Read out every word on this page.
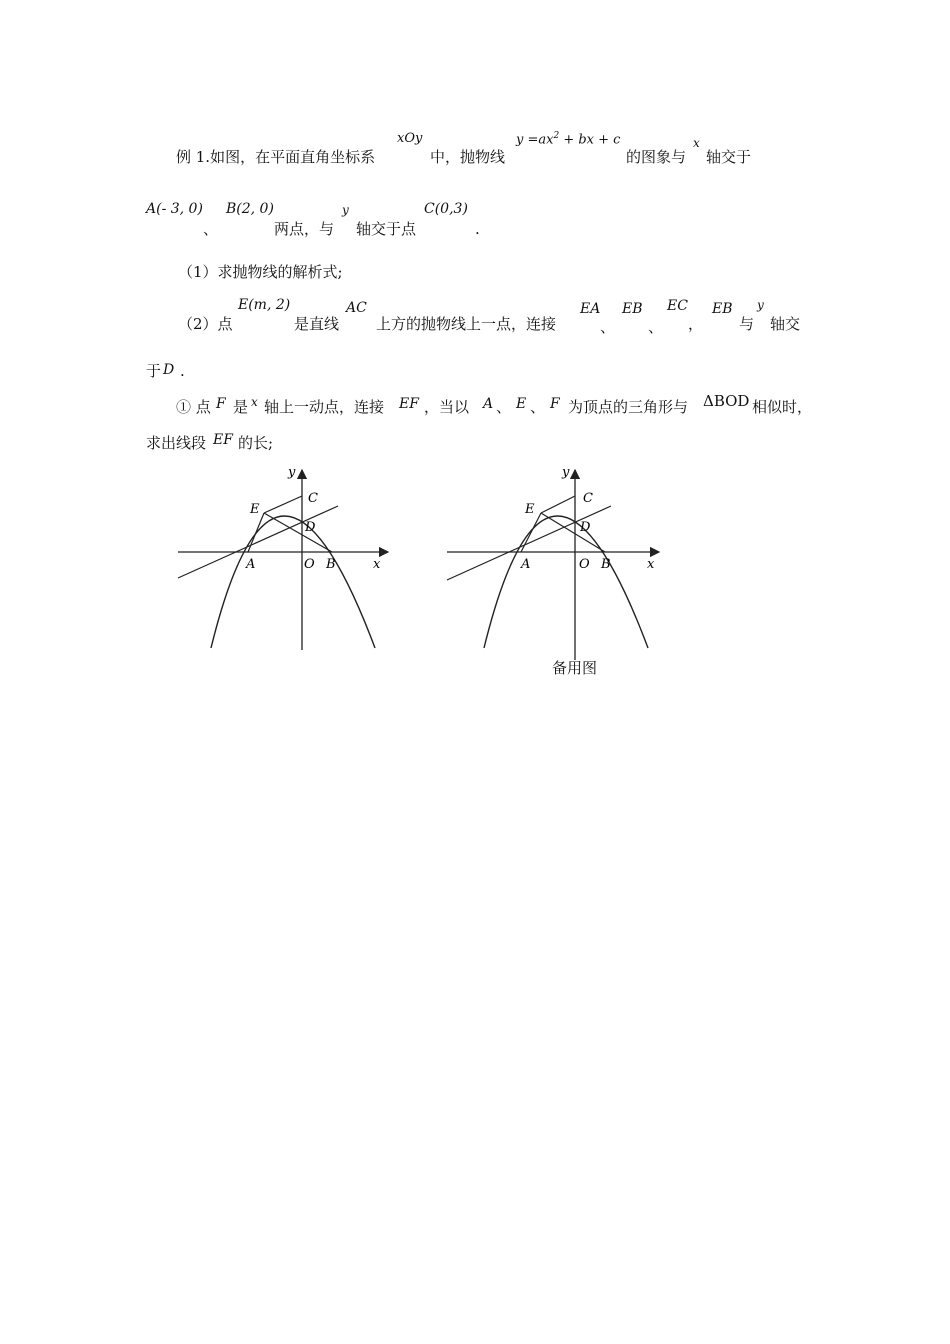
例 1.如图，在平面直角坐标系
xOy
中，抛物线
$y =ax^2$ + bx + c
的图象与
x
轴交于
A(- 3, 0) B(2, 0)
、	两点，与
y
轴交于点
C(0,3)
.
（1）求抛物线的解析式;
（2）点
E(m, 2)
是直线
AC
上方的抛物线上一点，连接
EA
、
EB
、
EC
，
EB
与
y
轴交
于 D .
① 点 F 是 x 轴上一动点，连接 EF ，当以 A 、 E 、 F 为顶点的三角形与 ΔBOD 相似时，
求出线段 EF 的长;
y
x
O
A	B
C
D
E
y
x
O
A	B
C
D
E
备用图
